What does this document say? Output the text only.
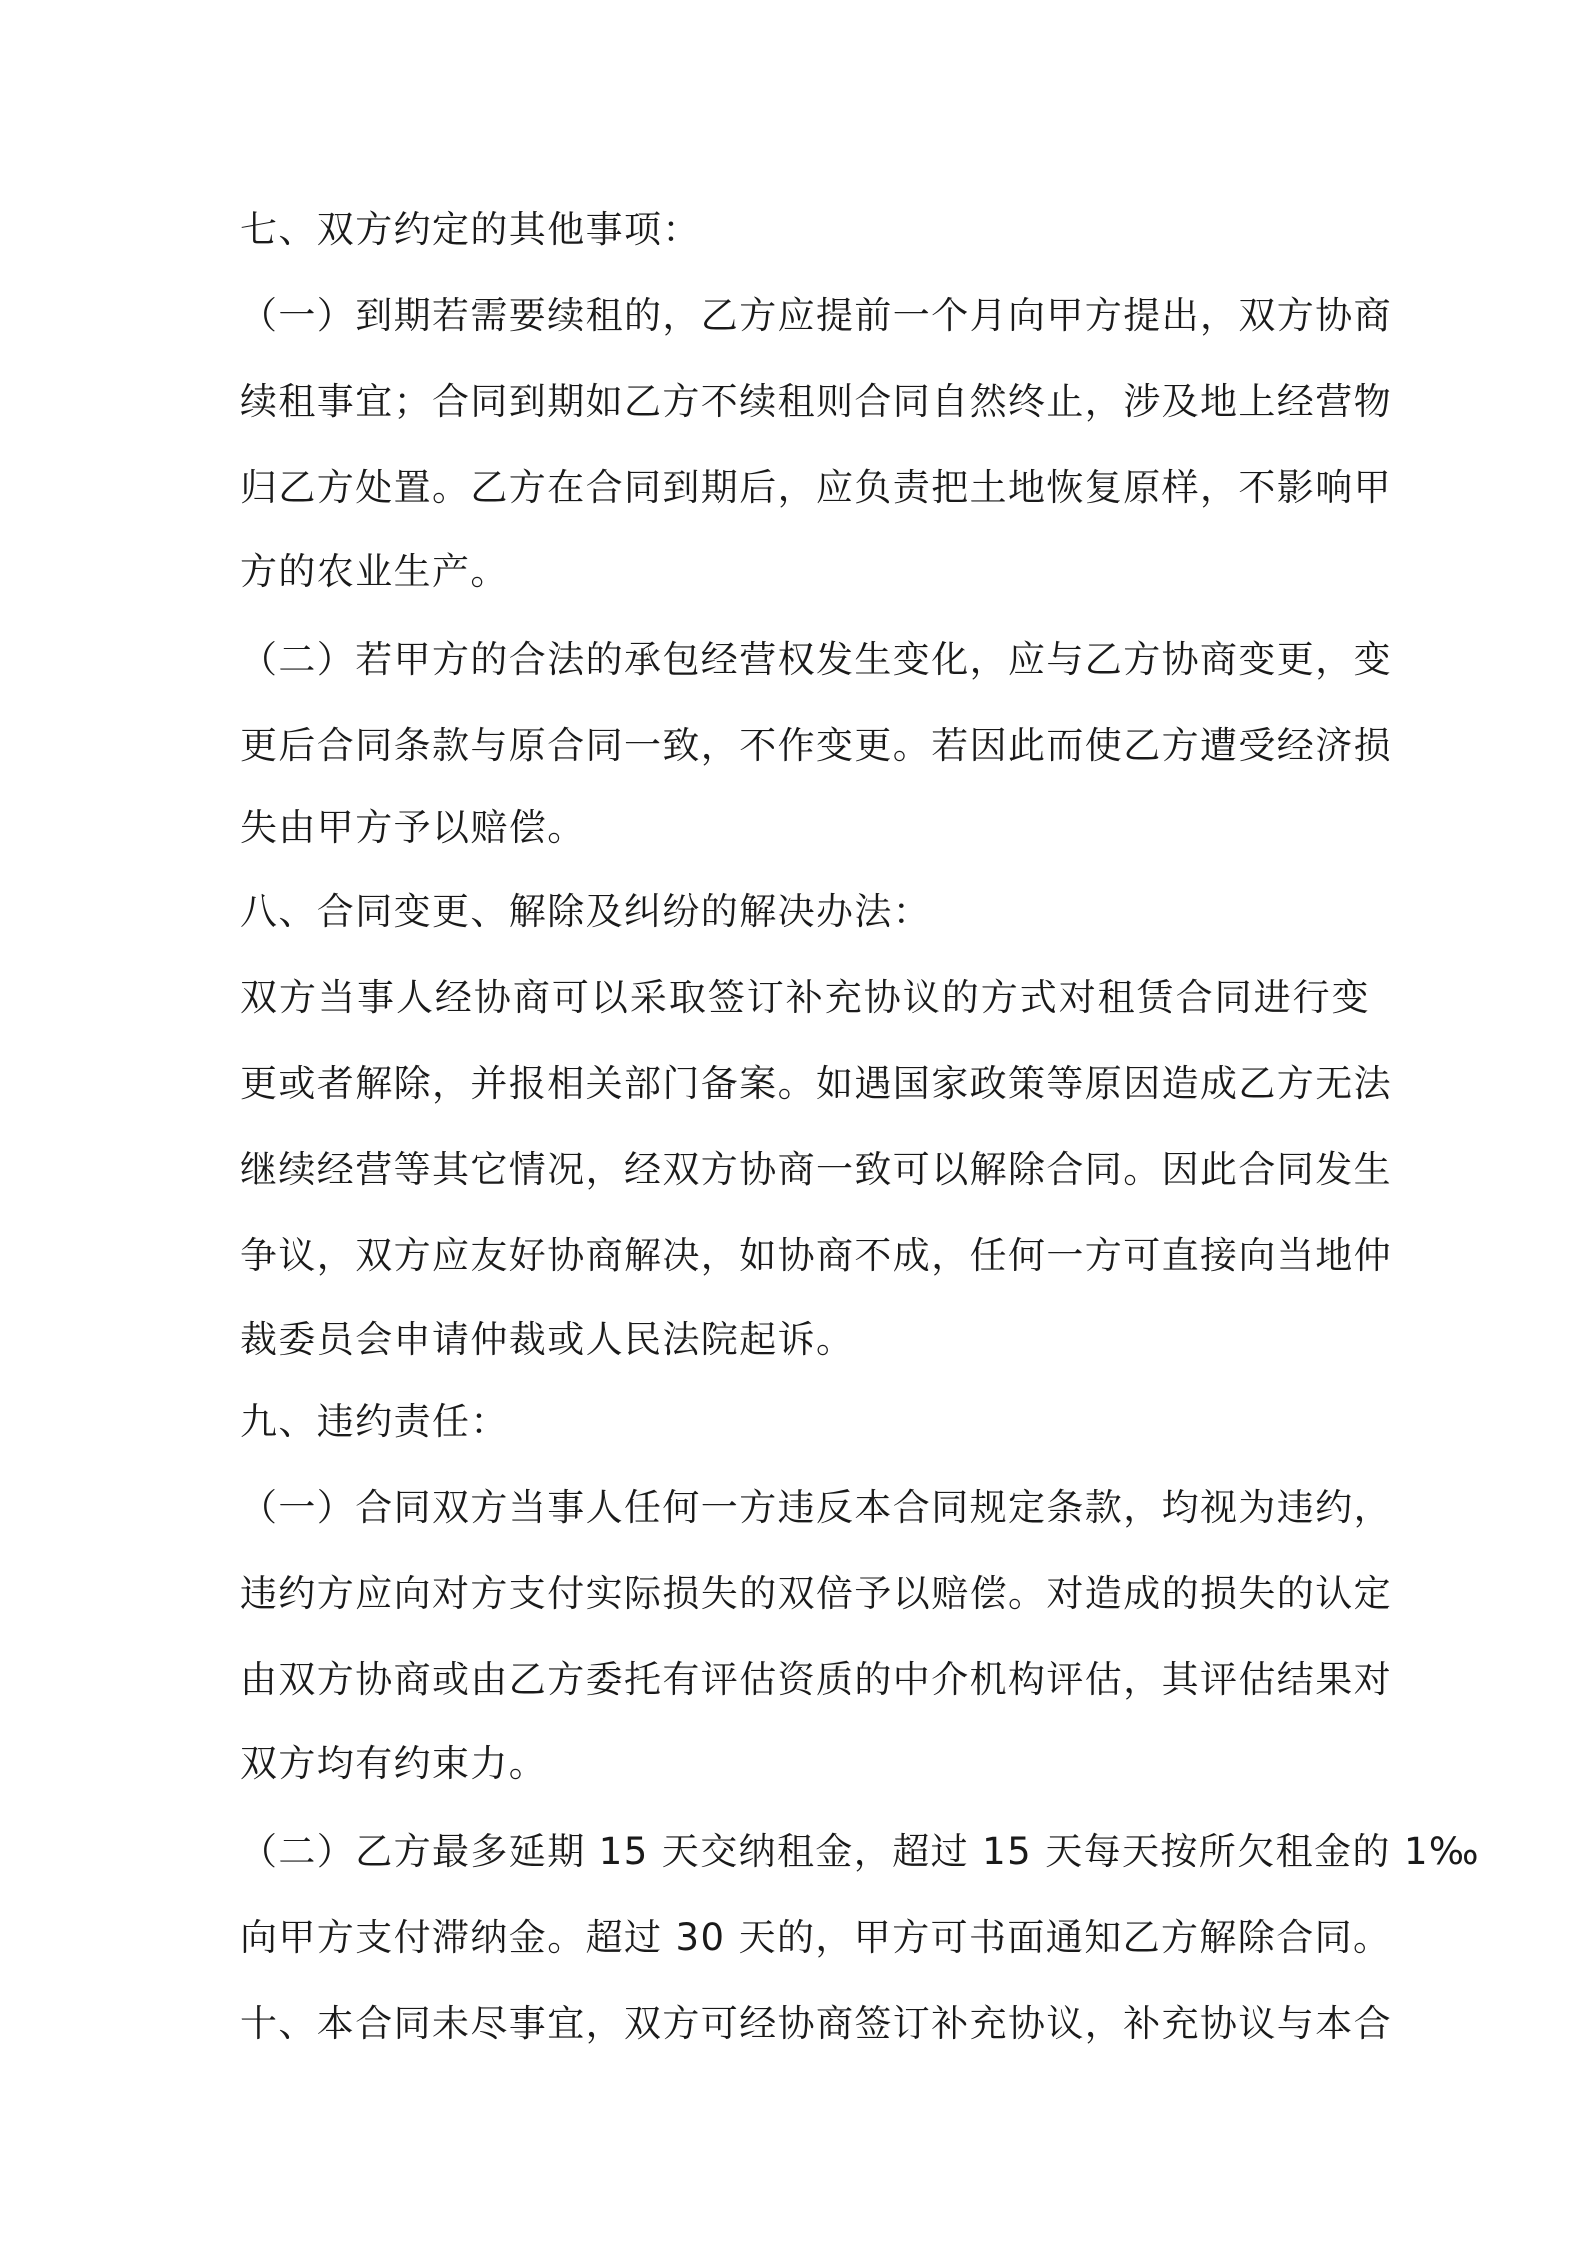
七、双方约定的其他事项：
（一）到期若需要续租的，乙方应提前一个月向甲方提出，双方协商
续租事宜；合同到期如乙方不续租则合同自然终止，涉及地上经营物
归乙方处置。乙方在合同到期后，应负责把土地恢复原样，不影响甲
方的农业生产。
（二）若甲方的合法的承包经营权发生变化，应与乙方协商变更，变
更后合同条款与原合同一致，不作变更。若因此而使乙方遭受经济损
失由甲方予以赔偿。
八、合同变更、解除及纠纷的解决办法：
双方当事人经协商可以采取签订补充协议的方式对租赁合同进行变
更或者解除，并报相关部门备案。如遇国家政策等原因造成乙方无法
继续经营等其它情况，经双方协商一致可以解除合同。因此合同发生
争议，双方应友好协商解决，如协商不成，任何一方可直接向当地仲
裁委员会申请仲裁或人民法院起诉。
九、违约责任：
（一）合同双方当事人任何一方违反本合同规定条款，均视为违约，
违约方应向对方支付实际损失的双倍予以赔偿。对造成的损失的认定
由双方协商或由乙方委托有评估资质的中介机构评估，其评估结果对
双方均有约束力。
（二）乙方最多延期 15 天交纳租金，超过 15 天每天按所欠租金的 1‰
向甲方支付滞纳金。超过 30 天的，甲方可书面通知乙方解除合同。
十、本合同未尽事宜，双方可经协商签订补充协议，补充协议与本合
